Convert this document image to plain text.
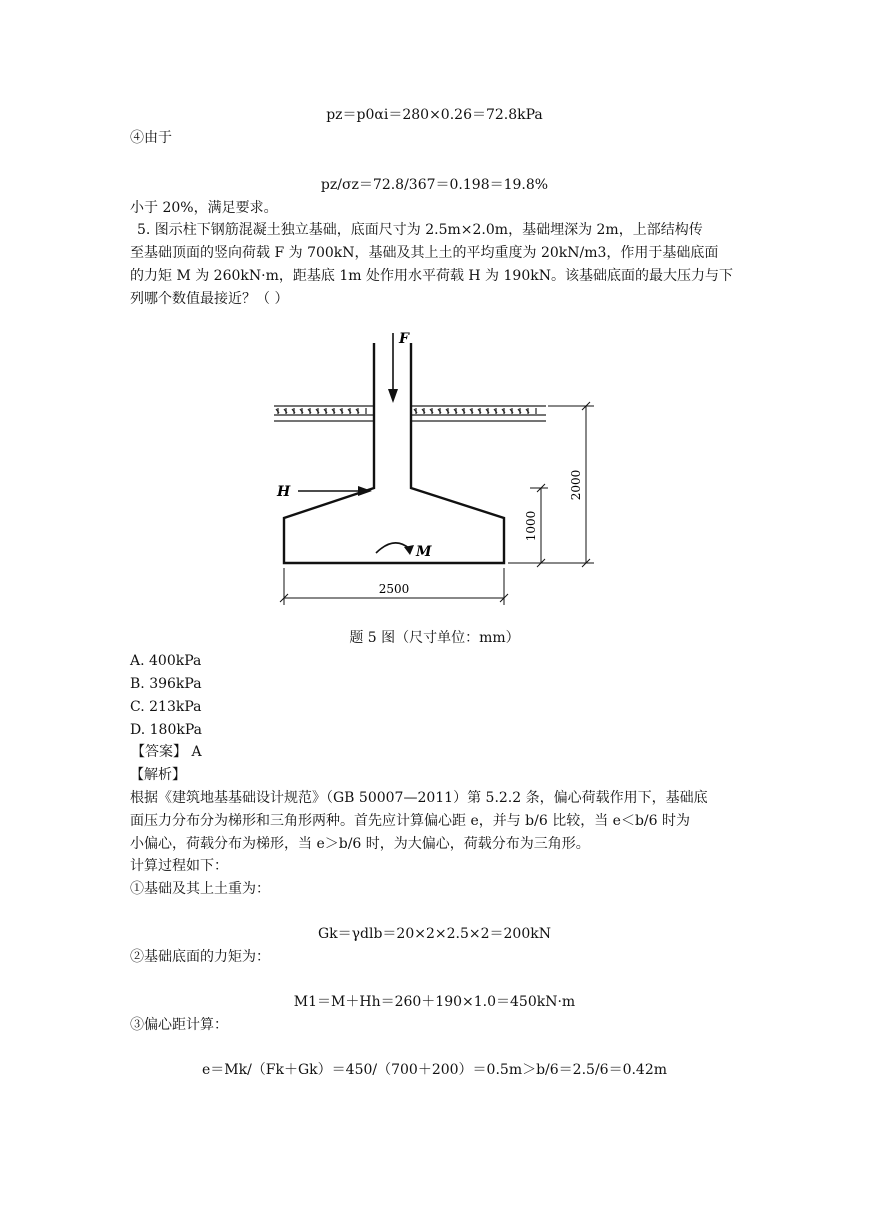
pz＝p0αi＝280×0.26＝72.8kPa
④由于
pz/σz＝72.8/367＝0.198＝19.8%
小于 20%，满足要求。
5. 图示柱下钢筋混凝土独立基础，底面尺寸为 2.5m×2.0m，基础埋深为 2m，上部结构传
至基础顶面的竖向荷载 F 为 700kN，基础及其上土的平均重度为 20kN/m3，作用于基础底面
的力矩 M 为 260kN·m，距基底 1m 处作用水平荷载 H 为 190kN。该基础底面的最大压力与下
列哪个数值最接近？（ ）
F
H
M
2500
2000
1000
题 5 图（尺寸单位：mm）
A. 400kPa
B. 396kPa
C. 213kPa
D. 180kPa
【答案】 A
【解析】
根据《建筑地基基础设计规范》（GB 50007—2011）第 5.2.2 条，偏心荷载作用下，基础底
面压力分布分为梯形和三角形两种。首先应计算偏心距 e，并与 b/6 比较，当 e＜b/6 时为
小偏心，荷载分布为梯形，当 e＞b/6 时，为大偏心，荷载分布为三角形。
计算过程如下：
①基础及其上土重为：
Gk＝γdlb＝20×2×2.5×2＝200kN
②基础底面的力矩为：
M1＝M＋Hh＝260＋190×1.0＝450kN·m
③偏心距计算：
e＝Mk/（Fk＋Gk）＝450/（700＋200）＝0.5m＞b/6＝2.5/6＝0.42m
